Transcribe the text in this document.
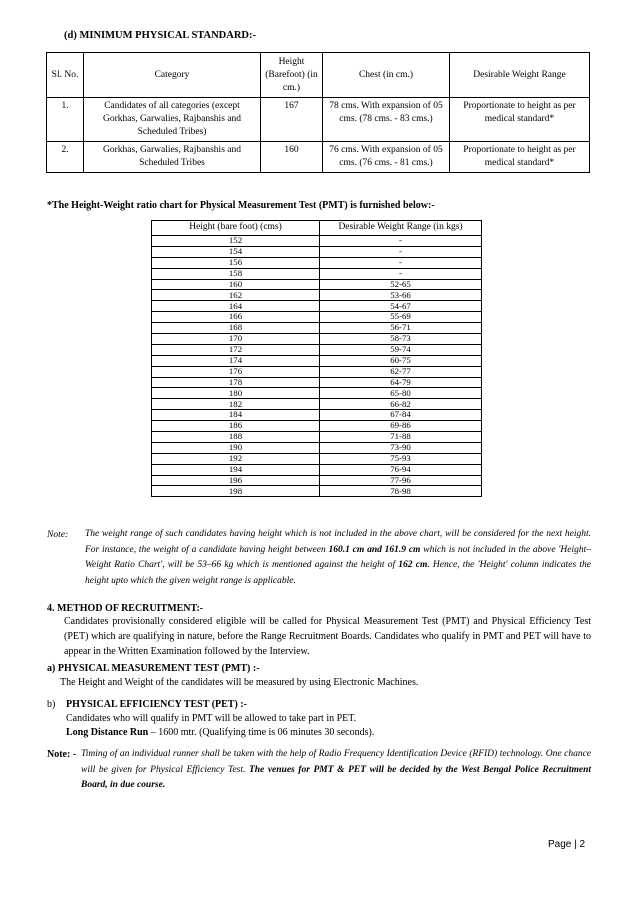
(d) MINIMUM PHYSICAL STANDARD:-
Sl. No.	Category	Height (Barefoot) (in cm.)	Chest (in cm.)	Desirable Weight Range
1.	Candidates of all categories (except Gorkhas, Garwalies, Rajbanshis and Scheduled Tribes)	167	78 cms. With expansion of 05 cms. (78 cms. - 83 cms.)	Proportionate to height as per medical standard*
2.	Gorkhas, Garwalies, Rajbanshis and Scheduled Tribes	160	76 cms. With expansion of 05 cms. (76 cms. - 81 cms.)	Proportionate to height as per medical standard*
*The Height-Weight ratio chart for Physical Measurement Test (PMT) is furnished below:-
Height (bare foot) (cms)	Desirable Weight Range (in kgs)
152	-
154	-
156	-
158	-
160	52-65
162	53-66
164	54-67
166	55-69
168	56-71
170	58-73
172	59-74
174	60-75
176	62-77
178	64-79
180	65-80
182	66-82
184	67-84
186	69-86
188	71-88
190	73-90
192	75-93
194	76-94
196	77-96
198	78-98
Note: The weight range of such candidates having height which is not included in the above chart, will be considered for the next height. For instance, the weight of a candidate having height between 160.1 cm and 161.9 cm which is not included in the above 'Height–Weight Ratio Chart', will be 53–66 kg which is mentioned against the height of 162 cm. Hence, the 'Height' column indicates the height upto which the given weight range is applicable.
4. METHOD OF RECRUITMENT:-
Candidates provisionally considered eligible will be called for Physical Measurement Test (PMT) and Physical Efficiency Test (PET) which are qualifying in nature, before the Range Recruitment Boards. Candidates who qualify in PMT and PET will have to appear in the Written Examination followed by the Interview.
a) PHYSICAL MEASUREMENT TEST (PMT) :-
The Height and Weight of the candidates will be measured by using Electronic Machines.
b) PHYSICAL EFFICIENCY TEST (PET) :-
Candidates who will qualify in PMT will be allowed to take part in PET.
Long Distance Run – 1600 mtr. (Qualifying time is 06 minutes 30 seconds).
Note: - Timing of an individual runner shall be taken with the help of Radio Frequency Identification Device (RFID) technology. One chance will be given for Physical Efficiency Test. The venues for PMT & PET will be decided by the West Bengal Police Recruitment Board, in due course.
Page | 2
